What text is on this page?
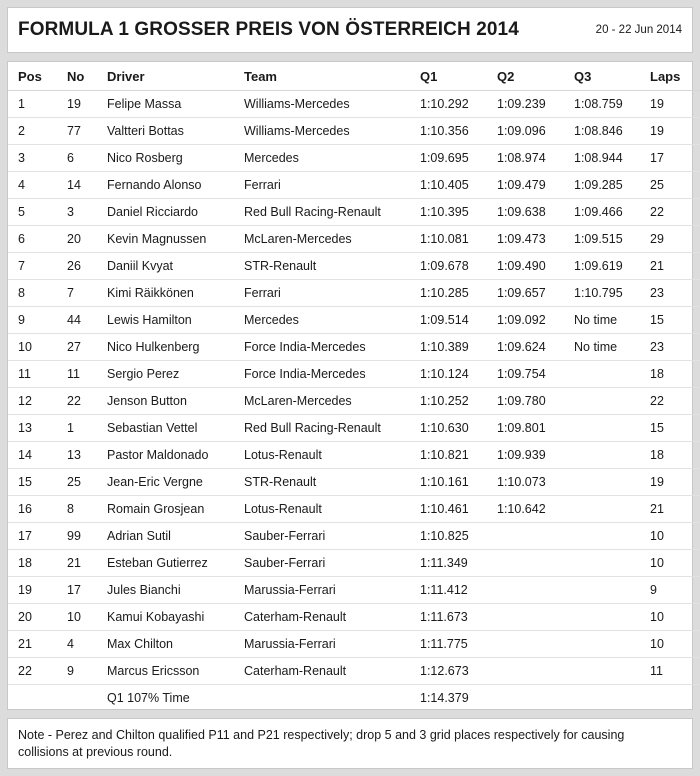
FORMULA 1 GROSSER PREIS VON ÖSTERREICH 2014	20 - 22 Jun 2014
Pos	No	Driver	Team	Q1	Q2	Q3	Laps
1	19	Felipe Massa	Williams-Mercedes	1:10.292	1:09.239	1:08.759	19
2	77	Valtteri Bottas	Williams-Mercedes	1:10.356	1:09.096	1:08.846	19
3	6	Nico Rosberg	Mercedes	1:09.695	1:08.974	1:08.944	17
4	14	Fernando Alonso	Ferrari	1:10.405	1:09.479	1:09.285	25
5	3	Daniel Ricciardo	Red Bull Racing-Renault	1:10.395	1:09.638	1:09.466	22
6	20	Kevin Magnussen	McLaren-Mercedes	1:10.081	1:09.473	1:09.515	29
7	26	Daniil Kvyat	STR-Renault	1:09.678	1:09.490	1:09.619	21
8	7	Kimi Räikkönen	Ferrari	1:10.285	1:09.657	1:10.795	23
9	44	Lewis Hamilton	Mercedes	1:09.514	1:09.092	No time	15
10	27	Nico Hulkenberg	Force India-Mercedes	1:10.389	1:09.624	No time	23
11	11	Sergio Perez	Force India-Mercedes	1:10.124	1:09.754		18
12	22	Jenson Button	McLaren-Mercedes	1:10.252	1:09.780		22
13	1	Sebastian Vettel	Red Bull Racing-Renault	1:10.630	1:09.801		15
14	13	Pastor Maldonado	Lotus-Renault	1:10.821	1:09.939		18
15	25	Jean-Eric Vergne	STR-Renault	1:10.161	1:10.073		19
16	8	Romain Grosjean	Lotus-Renault	1:10.461	1:10.642		21
17	99	Adrian Sutil	Sauber-Ferrari	1:10.825			10
18	21	Esteban Gutierrez	Sauber-Ferrari	1:11.349			10
19	17	Jules Bianchi	Marussia-Ferrari	1:11.412			9
20	10	Kamui Kobayashi	Caterham-Renault	1:11.673			10
21	4	Max Chilton	Marussia-Ferrari	1:11.775			10
22	9	Marcus Ericsson	Caterham-Renault	1:12.673			11
		Q1 107% Time		1:14.379			
Note - Perez and Chilton qualified P11 and P21 respectively; drop 5 and 3 grid places respectively for causing collisions at previous round.
